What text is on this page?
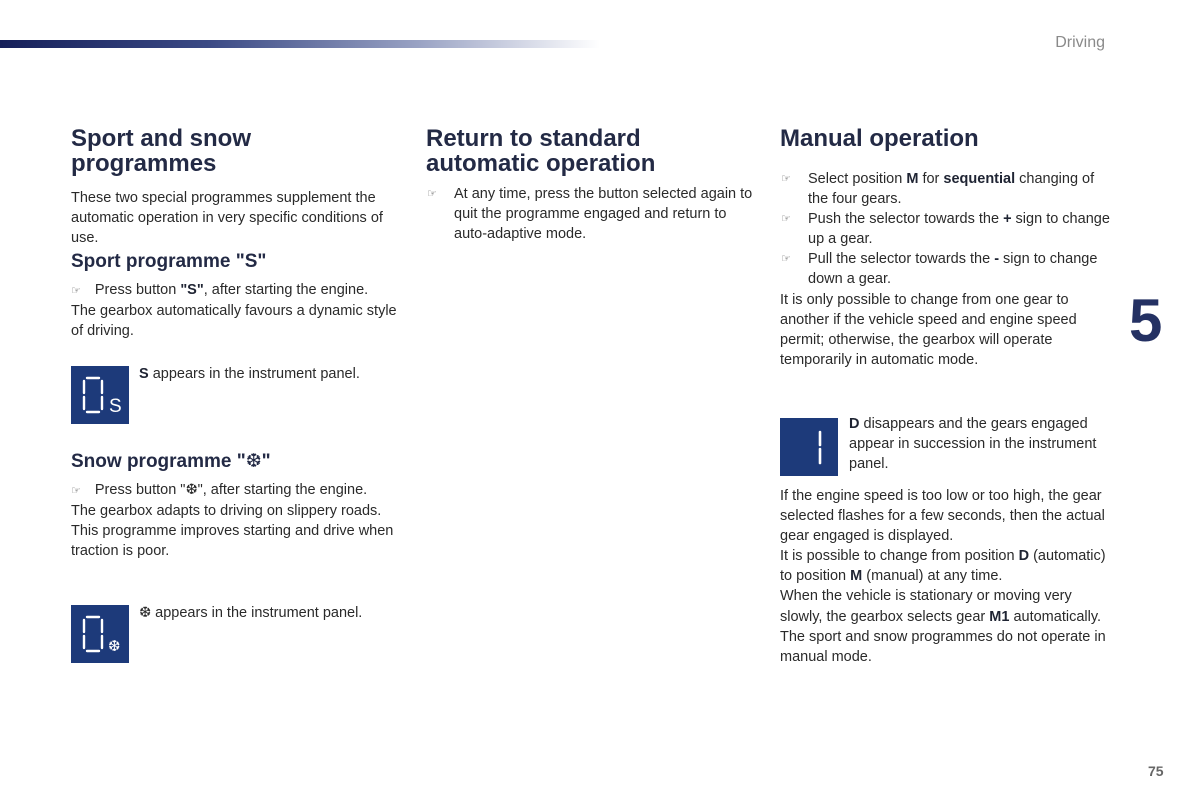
Driving
Sport and snow programmes

These two special programmes supplement the automatic operation in very specific conditions of use.

Sport programme "S"
☞ Press button "S", after starting the engine.

The gearbox automatically favours a dynamic style of driving.

S
S appears in the instrument panel.
Snow programme "❆"
☞ Press button "❆", after starting the engine.

The gearbox adapts to driving on slippery roads.

This programme improves starting and drive when traction is poor.

❆
❆ appears in the instrument panel.
Return to standard automatic operation
☞ At any time, press the button selected again to quit the programme engaged and return to auto-adaptive mode.
Manual operation
☞ Select position M for sequential changing of the four gears.
☞ Push the selector towards the + sign to change up a gear.
☞ Pull the selector towards the - sign to change down a gear.

It is only possible to change from one gear to another if the vehicle speed and engine speed permit; otherwise, the gearbox will operate temporarily in automatic mode.

D disappears and the gears engaged appear in succession in the instrument panel.

If the engine speed is too low or too high, the gear selected flashes for a few seconds, then the actual gear engaged is displayed.

It is possible to change from position D (automatic) to position M (manual) at any time.

When the vehicle is stationary or moving very slowly, the gearbox selects gear M1 automatically.

The sport and snow programmes do not operate in manual mode.

5
75
